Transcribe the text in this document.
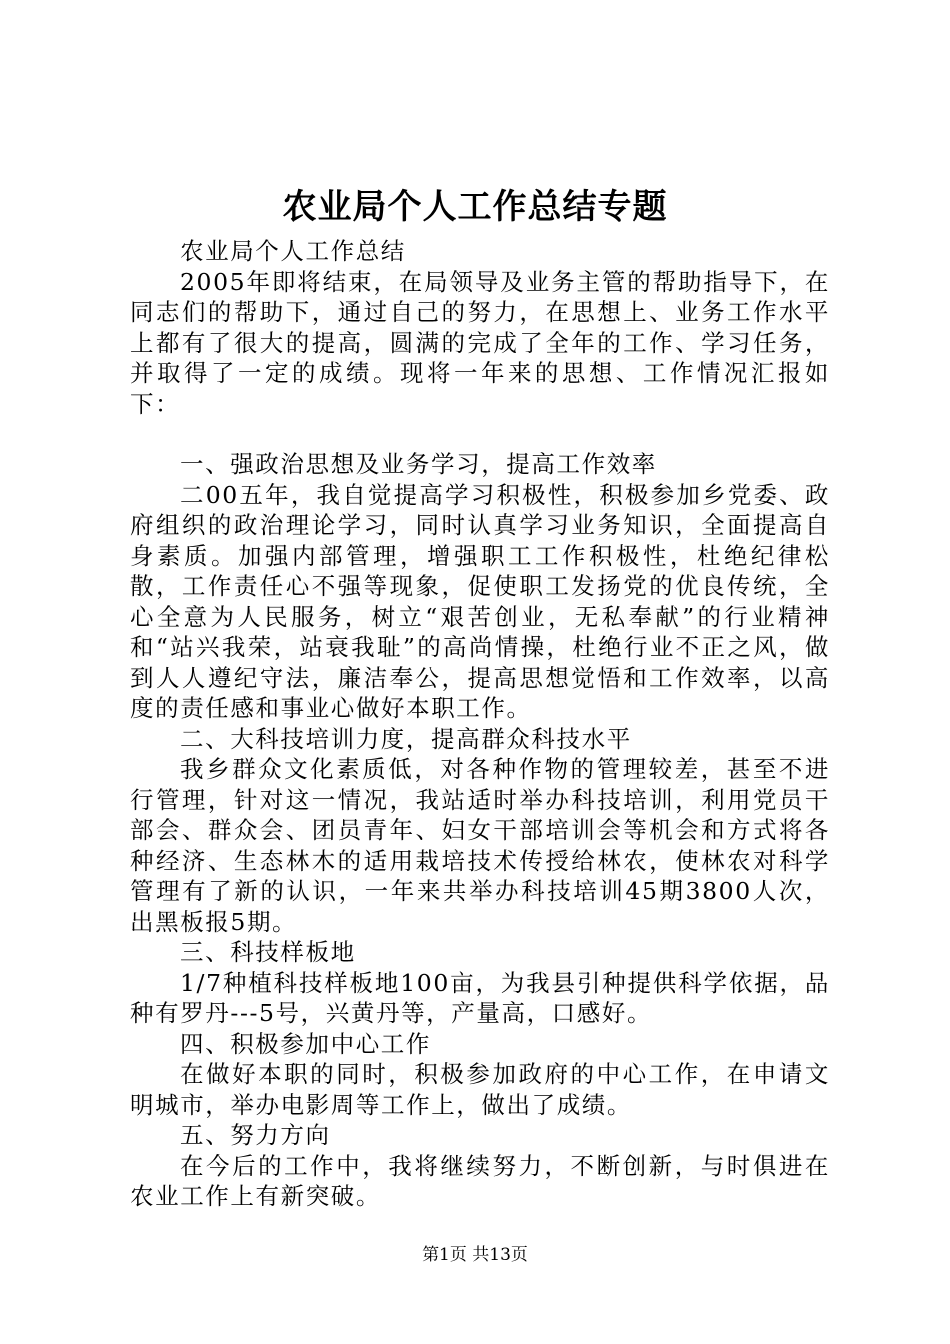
农业局个人工作总结专题

农业局个人工作总结

2005年即将结束，在局领导及业务主管的帮助指导下，在同志们的帮助下，通过自己的努力，在思想上、业务工作水平上都有了很大的提高，圆满的完成了全年的工作、学习任务，并取得了一定的成绩。现将一年来的思想、工作情况汇报如下：

一、强政治思想及业务学习，提高工作效率

二00五年，我自觉提高学习积极性，积极参加乡党委、政府组织的政治理论学习，同时认真学习业务知识，全面提高自身素质。加强内部管理，增强职工工作积极性，杜绝纪律松散，工作责任心不强等现象，促使职工发扬党的优良传统，全心全意为人民服务，树立“艰苦创业，无私奉献”的行业精神和“站兴我荣，站衰我耻”的高尚情操，杜绝行业不正之风，做到人人遵纪守法，廉洁奉公，提高思想觉悟和工作效率，以高度的责任感和事业心做好本职工作。

二、大科技培训力度，提高群众科技水平

我乡群众文化素质低，对各种作物的管理较差，甚至不进行管理，针对这一情况，我站适时举办科技培训，利用党员干部会、群众会、团员青年、妇女干部培训会等机会和方式将各种经济、生态林木的适用栽培技术传授给林农，使林农对科学管理有了新的认识，一年来共举办科技培训45期3800人次，出黑板报5期。

三、科技样板地

1/7种植科技样板地100亩，为我县引种提供科学依据，品种有罗丹---5号，兴黄丹等，产量高，口感好。

四、积极参加中心工作

在做好本职的同时，积极参加政府的中心工作，在申请文明城市，举办电影周等工作上，做出了成绩。

五、努力方向

在今后的工作中，我将继续努力，不断创新，与时俱进在农业工作上有新突破。

第1页 共13页
